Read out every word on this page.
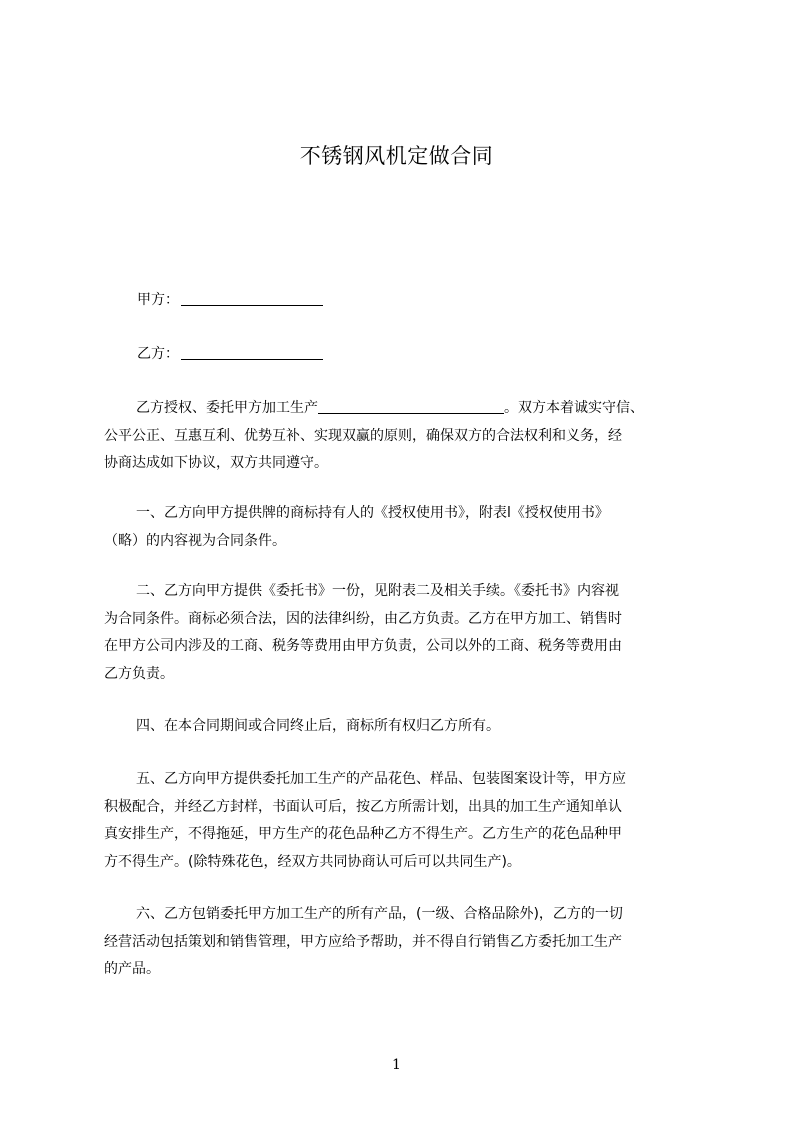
不锈钢风机定做合同
甲方：
乙方：
乙方授权、委托甲方加工生产	。双方本着诚实守信、
公平公正、互惠互利、优势互补、实现双赢的原则，确保双方的合法权利和义务，经
协商达成如下协议，双方共同遵守。
一、乙方向甲方提供牌的商标持有人的《授权使用书》，附表l《授权使用书》
（略）的内容视为合同条件。
二、乙方向甲方提供《委托书》一份，见附表二及相关手续。《委托书》内容视
为合同条件。商标必须合法，因的法律纠纷，由乙方负责。乙方在甲方加工、销售时
在甲方公司内涉及的工商、税务等费用由甲方负责，公司以外的工商、税务等费用由
乙方负责。
四、在本合同期间或合同终止后，商标所有权归乙方所有。
五、乙方向甲方提供委托加工生产的产品花色、样品、包装图案设计等，甲方应
积极配合，并经乙方封样，书面认可后，按乙方所需计划，出具的加工生产通知单认
真安排生产，不得拖延，甲方生产的花色品种乙方不得生产。乙方生产的花色品种甲
方不得生产。(除特殊花色，经双方共同协商认可后可以共同生产)。
六、乙方包销委托甲方加工生产的所有产品，(一级、合格品除外)，乙方的一切
经营活动包括策划和销售管理，甲方应给予帮助，并不得自行销售乙方委托加工生产
的产品。
1
